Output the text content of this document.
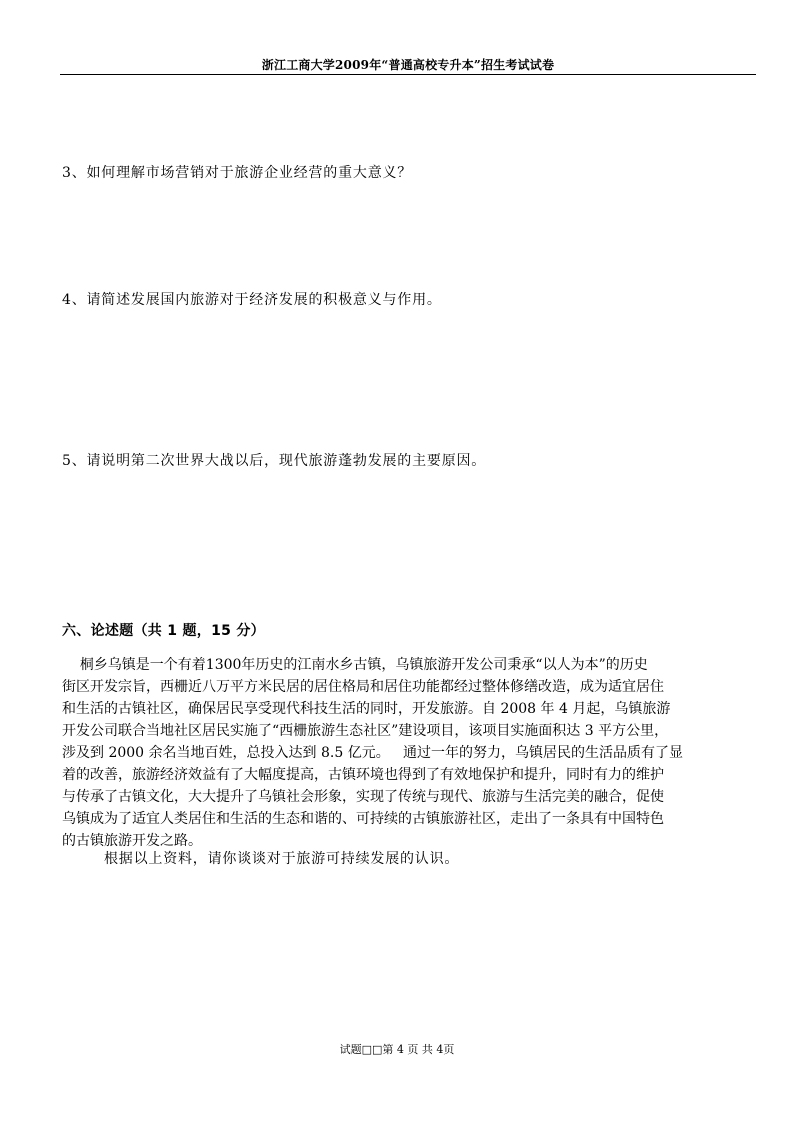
浙江工商大学2009年“普通高校专升本”招生考试试卷
3、如何理解市场营销对于旅游企业经营的重大意义？
4、请简述发展国内旅游对于经济发展的积极意义与作用。
5、请说明第二次世界大战以后，现代旅游蓬勃发展的主要原因。
六、论述题（共 1 题，15 分）
桐乡乌镇是一个有着1300年历史的江南水乡古镇，乌镇旅游开发公司秉承“以人为本”的历史
街区开发宗旨，西栅近八万平方米民居的居住格局和居住功能都经过整体修缮改造，成为适宜居住
和生活的古镇社区，确保居民享受现代科技生活的同时，开发旅游。自 2008 年 4 月起，乌镇旅游
开发公司联合当地社区居民实施了“西栅旅游生态社区”建设项目，该项目实施面积达 3 平方公里，
涉及到 2000 余名当地百姓，总投入达到 8.5 亿元。   通过一年的努力，乌镇居民的生活品质有了显
着的改善，旅游经济效益有了大幅度提高，古镇环境也得到了有效地保护和提升，同时有力的维护
与传承了古镇文化，大大提升了乌镇社会形象，实现了传统与现代、旅游与生活完美的融合，促使
乌镇成为了适宜人类居住和生活的生态和谐的、可持续的古镇旅游社区，走出了一条具有中国特色
的古镇旅游开发之路。
根据以上资料，请你谈谈对于旅游可持续发展的认识。
试题□□第 4 页 共 4页
